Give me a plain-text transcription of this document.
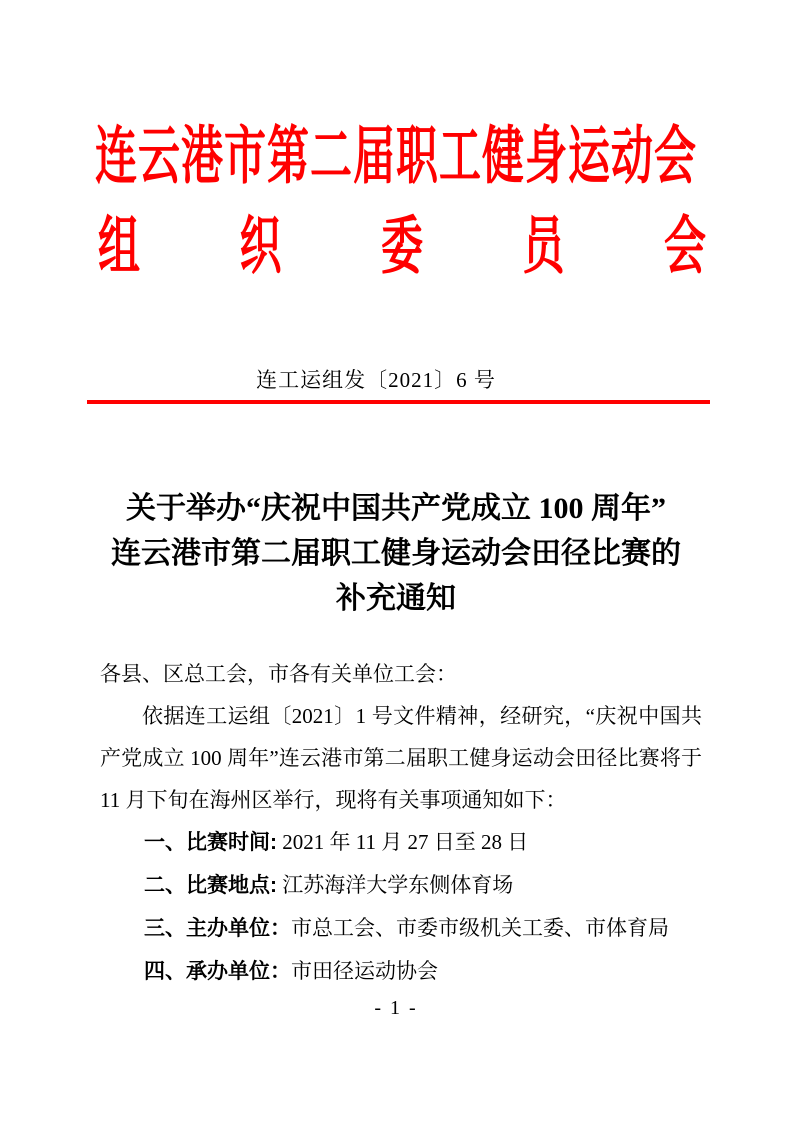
连云港市第二届职工健身运动会
组 织 委 员 会
连工运组发〔2021〕6 号
关于举办“庆祝中国共产党成立 100 周年”
连云港市第二届职工健身运动会田径比赛的
补充通知
各县、区总工会，市各有关单位工会：
依据连工运组〔2021〕1 号文件精神，经研究，“庆祝中国共产党成立 100 周年”连云港市第二届职工健身运动会田径比赛将于 11 月下旬在海州区举行，现将有关事项通知如下：
一、比赛时间: 2021 年 11 月 27 日至 28 日
二、比赛地点: 江苏海洋大学东侧体育场
三、主办单位：市总工会、市委市级机关工委、市体育局
四、承办单位：市田径运动协会
- 1 -
